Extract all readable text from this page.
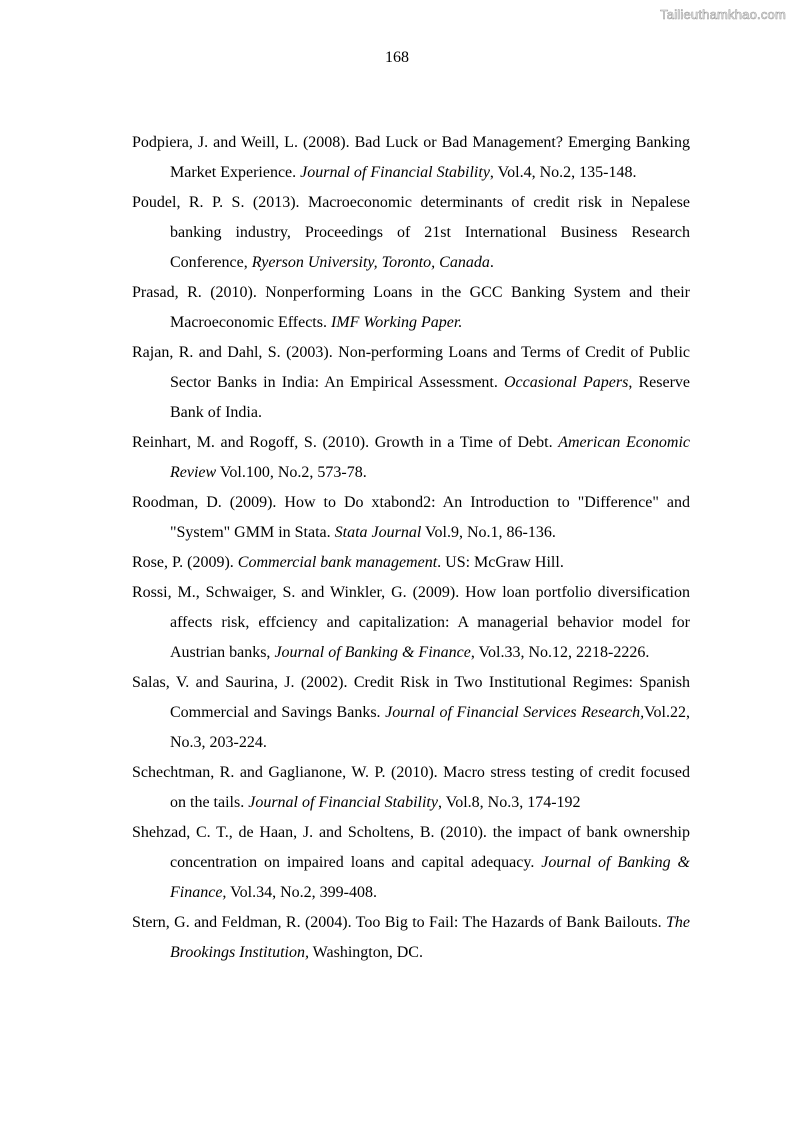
Tailieuthamkhao.com
168
Podpiera, J. and Weill, L. (2008). Bad Luck or Bad Management? Emerging Banking Market Experience. Journal of Financial Stability, Vol.4, No.2, 135-148.
Poudel, R. P. S. (2013). Macroeconomic determinants of credit risk in Nepalese banking industry, Proceedings of 21st International Business Research Conference, Ryerson University, Toronto, Canada.
Prasad, R. (2010). Nonperforming Loans in the GCC Banking System and their Macroeconomic Effects. IMF Working Paper.
Rajan, R. and Dahl, S. (2003). Non-performing Loans and Terms of Credit of Public Sector Banks in India: An Empirical Assessment. Occasional Papers, Reserve Bank of India.
Reinhart, M. and Rogoff, S. (2010). Growth in a Time of Debt. American Economic Review Vol.100, No.2, 573-78.
Roodman, D. (2009). How to Do xtabond2: An Introduction to "Difference" and "System" GMM in Stata. Stata Journal Vol.9, No.1, 86-136.
Rose, P. (2009). Commercial bank management. US: McGraw Hill.
Rossi, M., Schwaiger, S. and Winkler, G. (2009). How loan portfolio diversification affects risk, effciency and capitalization: A managerial behavior model for Austrian banks, Journal of Banking & Finance, Vol.33, No.12, 2218-2226.
Salas, V. and Saurina, J. (2002). Credit Risk in Two Institutional Regimes: Spanish Commercial and Savings Banks. Journal of Financial Services Research,Vol.22, No.3, 203-224.
Schechtman, R. and Gaglianone, W. P. (2010). Macro stress testing of credit focused on the tails. Journal of Financial Stability, Vol.8, No.3, 174-192
Shehzad, C. T., de Haan, J. and Scholtens, B. (2010). the impact of bank ownership concentration on impaired loans and capital adequacy. Journal of Banking & Finance, Vol.34, No.2, 399-408.
Stern, G. and Feldman, R. (2004). Too Big to Fail: The Hazards of Bank Bailouts. The Brookings Institution, Washington, DC.
